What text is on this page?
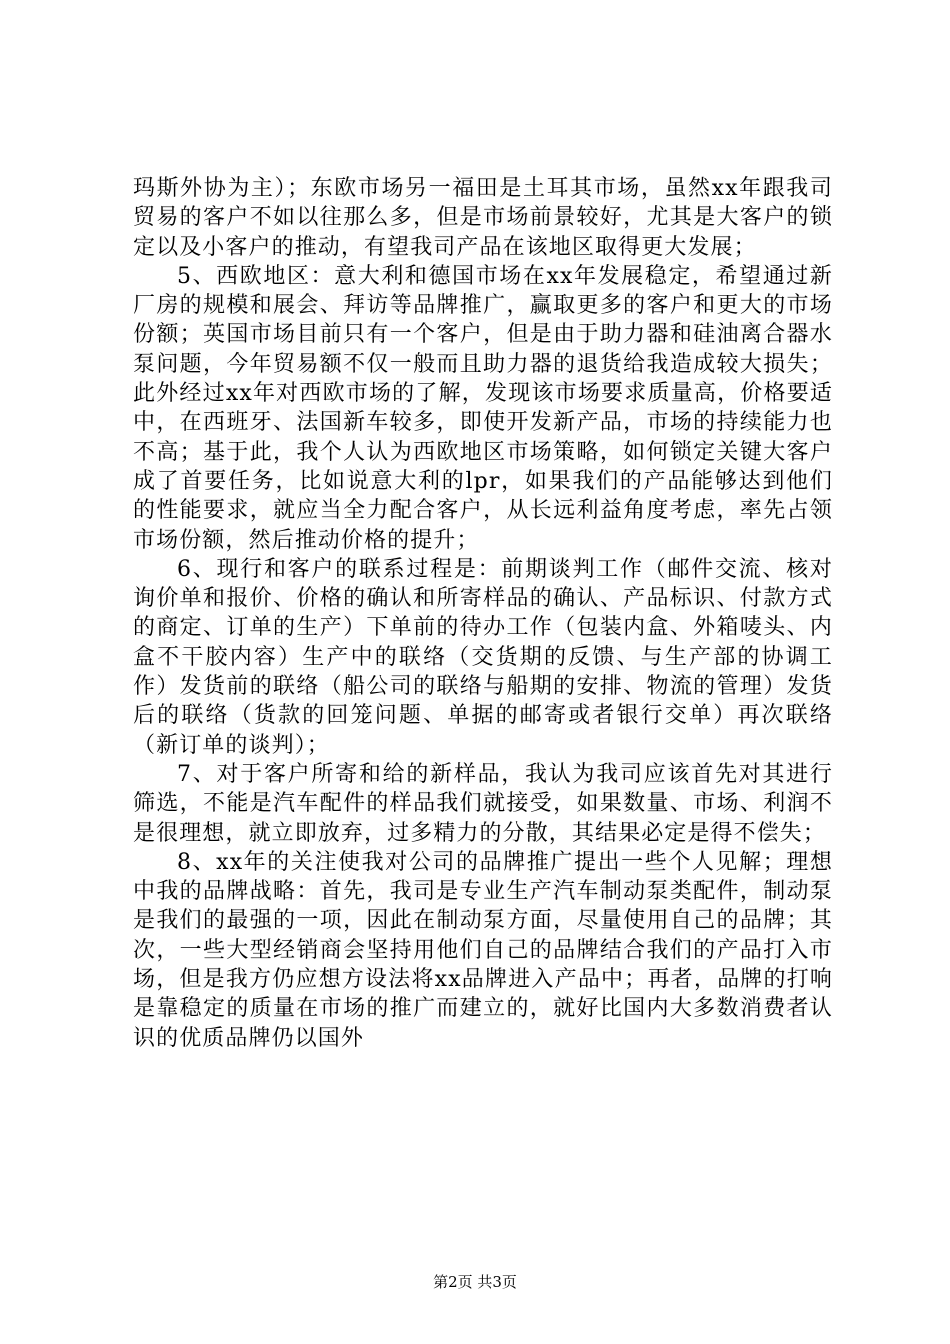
玛斯外协为主）；东欧市场另一福田是土耳其市场，虽然xx年跟我司贸易的客户不如以往那么多，但是市场前景较好，尤其是大客户的锁定以及小客户的推动，有望我司产品在该地区取得更大发展；

5、西欧地区：意大利和德国市场在xx年发展稳定，希望通过新厂房的规模和展会、拜访等品牌推广，赢取更多的客户和更大的市场份额；英国市场目前只有一个客户，但是由于助力器和硅油离合器水泵问题，今年贸易额不仅一般而且助力器的退货给我造成较大损失；此外经过xx年对西欧市场的了解，发现该市场要求质量高，价格要适中，在西班牙、法国新车较多，即使开发新产品，市场的持续能力也不高；基于此，我个人认为西欧地区市场策略，如何锁定关键大客户成了首要任务，比如说意大利的lpr，如果我们的产品能够达到他们的性能要求，就应当全力配合客户，从长远利益角度考虑，率先占领市场份额，然后推动价格的提升；

6、现行和客户的联系过程是：前期谈判工作（邮件交流、核对询价单和报价、价格的确认和所寄样品的确认、产品标识、付款方式的商定、订单的生产）下单前的待办工作（包装内盒、外箱唛头、内盒不干胶内容）生产中的联络（交货期的反馈、与生产部的协调工作）发货前的联络（船公司的联络与船期的安排、物流的管理）发货后的联络（货款的回笼问题、单据的邮寄或者银行交单）再次联络（新订单的谈判）；

7、对于客户所寄和给的新样品，我认为我司应该首先对其进行筛选，不能是汽车配件的样品我们就接受，如果数量、市场、利润不是很理想，就立即放弃，过多精力的分散，其结果必定是得不偿失；

8、xx年的关注使我对公司的品牌推广提出一些个人见解；理想中我的品牌战略：首先，我司是专业生产汽车制动泵类配件，制动泵是我们的最强的一项，因此在制动泵方面，尽量使用自己的品牌；其次，一些大型经销商会坚持用他们自己的品牌结合我们的产品打入市场，但是我方仍应想方设法将xx品牌进入产品中；再者，品牌的打响是靠稳定的质量在市场的推广而建立的，就好比国内大多数消费者认识的优质品牌仍以国外

第2页 共3页
